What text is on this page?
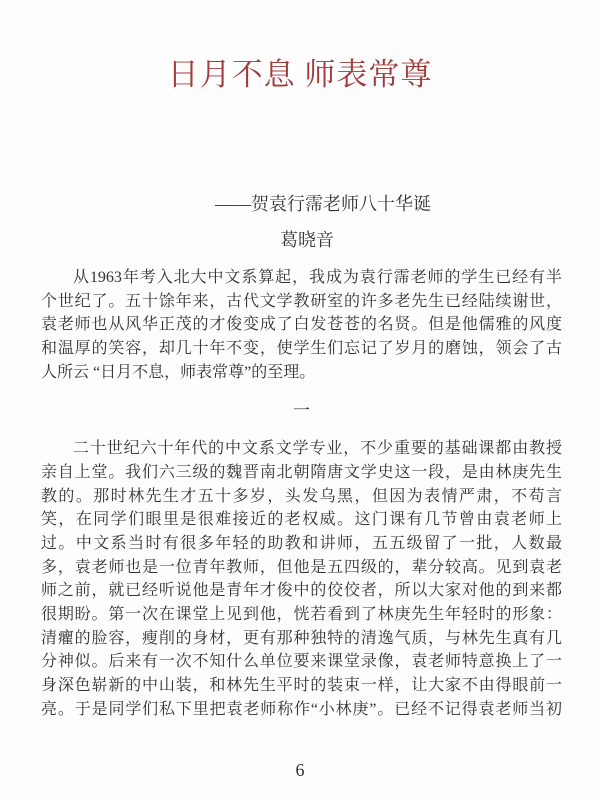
日月不息 师表常尊
——贺袁行霈老师八十华诞
葛晓音
从1963年考入北大中文系算起，我成为袁行霈老师的学生已经有半
个世纪了。五十馀年来，古代文学教研室的许多老先生已经陆续谢世，
袁老师也从风华正茂的才俊变成了白发苍苍的名贤。但是他儒雅的风度
和温厚的笑容，却几十年不变，使学生们忘记了岁月的磨蚀，领会了古
人所云 “日月不息，师表常尊”的至理。
一
二十世纪六十年代的中文系文学专业，不少重要的基础课都由教授
亲自上堂。我们六三级的魏晋南北朝隋唐文学史这一段，是由林庚先生
教的。那时林先生才五十多岁，头发乌黑，但因为表情严肃，不苟言
笑，在同学们眼里是很难接近的老权威。这门课有几节曾由袁老师上
过。中文系当时有很多年轻的助教和讲师，五五级留了一批，人数最
多，袁老师也是一位青年教师，但他是五四级的，辈分较高。见到袁老
师之前，就已经听说他是青年才俊中的佼佼者，所以大家对他的到来都
很期盼。第一次在课堂上见到他，恍若看到了林庚先生年轻时的形象：
清癯的脸容，瘦削的身材，更有那种独特的清逸气质，与林先生真有几
分神似。后来有一次不知什么单位要来课堂录像，袁老师特意换上了一
身深色崭新的中山装，和林先生平时的装束一样，让大家不由得眼前一
亮。于是同学们私下里把袁老师称作“小林庚”。已经不记得袁老师当初
6
